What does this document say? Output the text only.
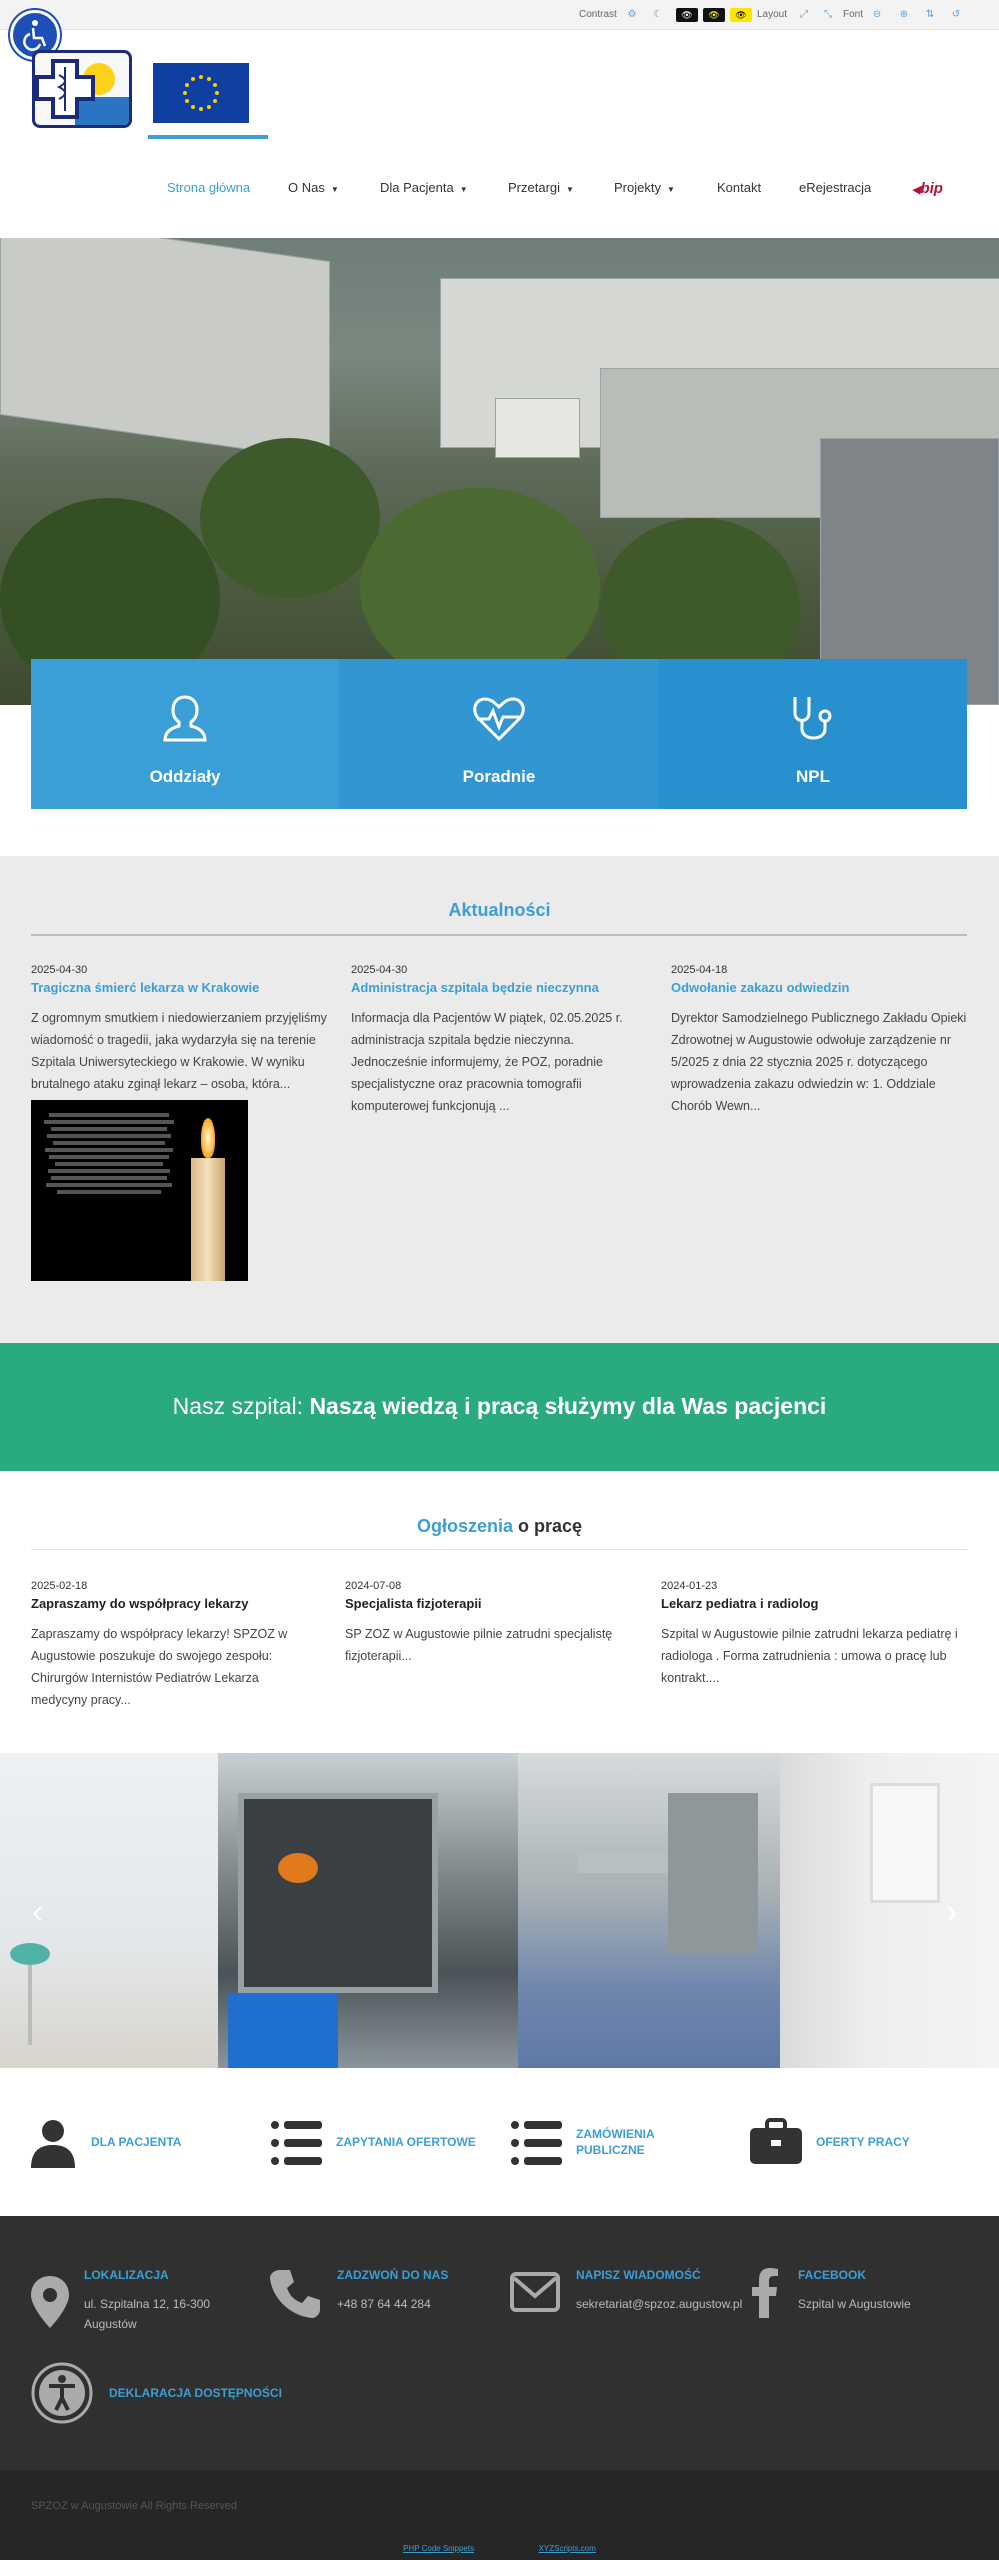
Contrast	⚙	☾	👁	👁	👁	Layout	⤢	⤡	Font ⊖	⊕	⇅	↺
Strona główna	O Nas ▼	Dla Pacjenta ▼	Przetargi ▼	Projekty ▼	Kontakt	eRejestracja	◀bip
Oddziały	Poradnie	NPL
Aktualności
2025-04-30
Tragiczna śmierć lekarza w Krakowie
Z ogromnym smutkiem i niedowierzaniem przyjęliśmy wiadomość o tragedii, jaka wydarzyła się na terenie Szpitala Uniwersyteckiego w Krakowie. W wyniku brutalnego ataku zginął lekarz – osoba, która...
2025-04-30
Administracja szpitala będzie nieczynna
Informacja dla Pacjentów W piątek, 02.05.2025 r. administracja szpitala będzie nieczynna. Jednocześnie informujemy, że POZ, poradnie specjalistyczne oraz pracownia tomografii komputerowej funkcjonują ...
2025-04-18
Odwołanie zakazu odwiedzin
Dyrektor Samodzielnego Publicznego Zakładu Opieki Zdrowotnej w Augustowie odwołuje zarządzenie nr 5/2025 z dnia 22 stycznia 2025 r. dotyczącego wprowadzenia zakazu odwiedzin w: 1. Oddziale Chorób Wewn...
Nasz szpital: Naszą wiedzą i pracą służymy dla Was pacjenci
Ogłoszenia o pracę
2025-02-18
Zapraszamy do współpracy lekarzy
Zapraszamy do współpracy lekarzy! SPZOZ w Augustowie poszukuje do swojego zespołu: Chirurgów Internistów Pediatrów Lekarza medycyny pracy...
2024-07-08
Specjalista fizjoterapii
SP ZOZ w Augustowie pilnie zatrudni specjalistę fizjoterapii...
2024-01-23
Lekarz pediatra i radiolog
Szpital w Augustowie pilnie zatrudni lekarza pediatrę i radiologa . Forma zatrudnienia : umowa o pracę lub kontrakt....
‹	›
DLA PACJENTA	ZAPYTANIA OFERTOWE
ZAMÓWIENIA PUBLICZNE
OFERTY PRACY
LOKALIZACJA
ul. Szpitalna 12, 16-300 Augustów
ZADZWOŃ DO NAS
+48 87 64 44 284
NAPISZ WIADOMOŚĆ
sekretariat@spzoz.augustow.pl
FACEBOOK
Szpital w Augustowie
DEKLARACJA DOSTĘPNOŚCI
SPZOZ w Augustowie All Rights Reserved
PHP Code Snippets	XYZScripts.com
